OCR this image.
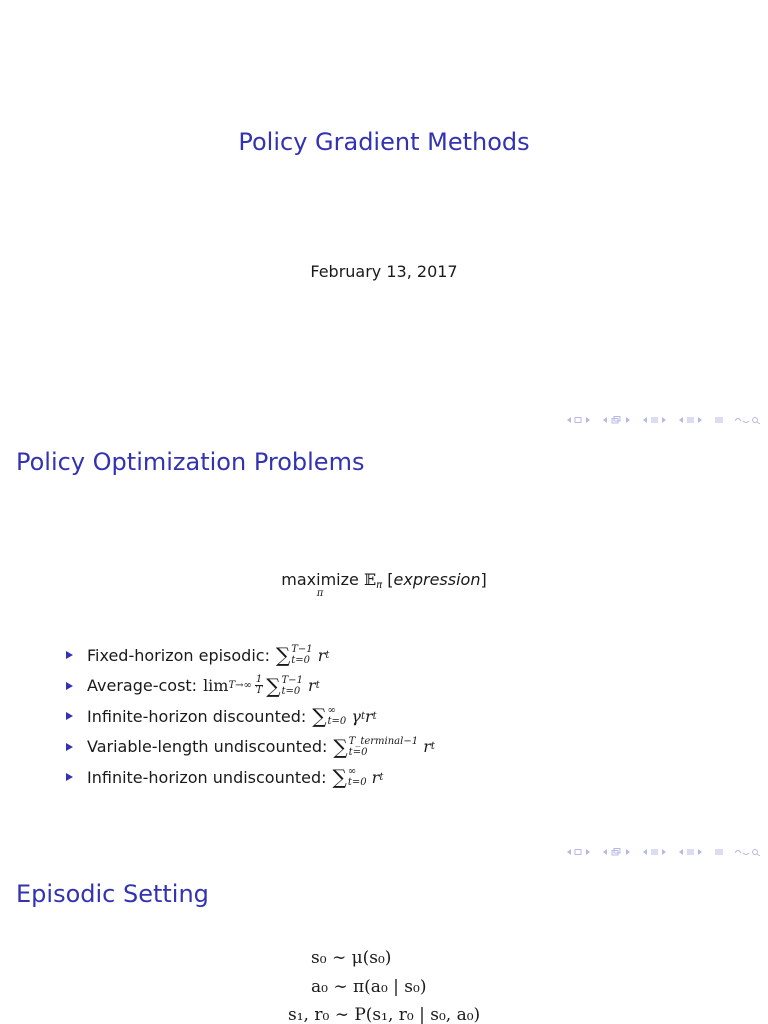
Policy Gradient Methods
February 13, 2017
Policy Optimization Problems
maximize
π
𝔼$_\pi$ [expression]
Fixed-horizon episodic: ∑ T−1
t=0
r t
Average-cost: $\lim T\to\infty \frac{1}{T}$ ∑ T−1
t=0
r t
Infinite-horizon discounted: ∑ ∞
t=0
γ t r t
Variable-length undiscounted: ∑ T_terminal−1
t=0
	r t
Infinite-horizon undiscounted: ∑ ∞
t=0
r t
Episodic Setting
s₀ ∼ μ(s₀)
a₀ ∼ π(a₀ | s₀)
s₁, r₀ ∼ P(s₁, r₀ | s₀, a₀)
